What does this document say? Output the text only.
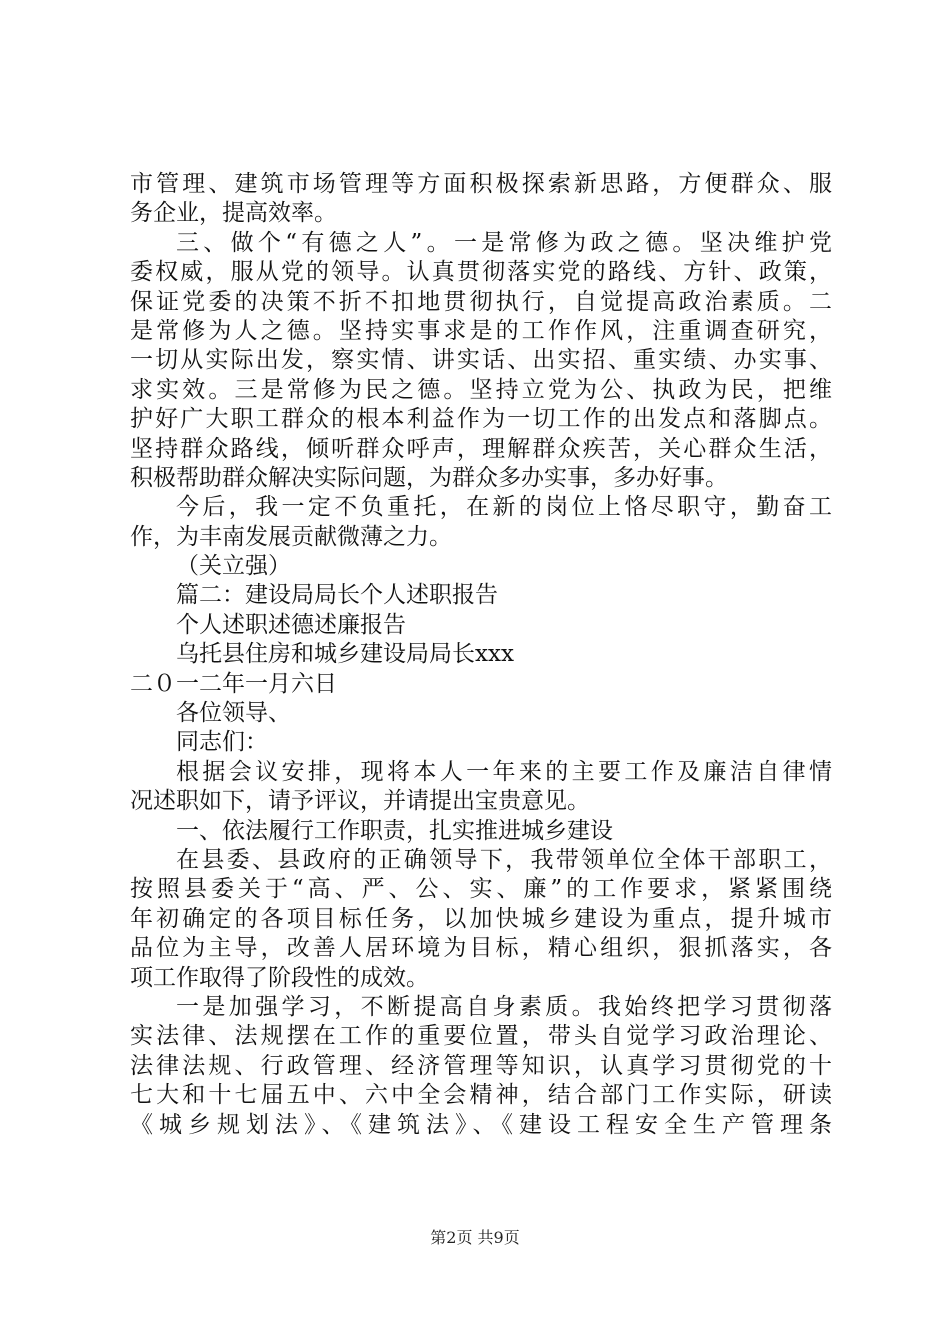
市管理、建筑市场管理等方面积极探索新思路，方便群众、服
务企业，提高效率。
三、做个“有德之人”。一是常修为政之德。坚决维护党
委权威，服从党的领导。认真贯彻落实党的路线、方针、政策，
保证党委的决策不折不扣地贯彻执行，自觉提高政治素质。二
是常修为人之德。坚持实事求是的工作作风，注重调查研究，
一切从实际出发，察实情、讲实话、出实招、重实绩、办实事、
求实效。三是常修为民之德。坚持立党为公、执政为民，把维
护好广大职工群众的根本利益作为一切工作的出发点和落脚点。
坚持群众路线，倾听群众呼声，理解群众疾苦，关心群众生活，
积极帮助群众解决实际问题，为群众多办实事，多办好事。
今后，我一定不负重托，在新的岗位上恪尽职守，勤奋工
作，为丰南发展贡献微薄之力。
（关立强）
篇二：建设局局长个人述职报告
个人述职述德述廉报告
乌托县住房和城乡建设局局长xxx
二０一二年一月六日
各位领导、
同志们：
根据会议安排，现将本人一年来的主要工作及廉洁自律情
况述职如下，请予评议，并请提出宝贵意见。
一、依法履行工作职责，扎实推进城乡建设
在县委、县政府的正确领导下，我带领单位全体干部职工，
按照县委关于“高、严、公、实、廉”的工作要求，紧紧围绕
年初确定的各项目标任务，以加快城乡建设为重点，提升城市
品位为主导，改善人居环境为目标，精心组织，狠抓落实，各
项工作取得了阶段性的成效。
一是加强学习，不断提高自身素质。我始终把学习贯彻落
实法律、法规摆在工作的重要位置，带头自觉学习政治理论、
法律法规、行政管理、经济管理等知识，认真学习贯彻党的十
七大和十七届五中、六中全会精神，结合部门工作实际，研读
《城乡规划法》、《建筑法》、《建设工程安全生产管理条
第2页 共9页
